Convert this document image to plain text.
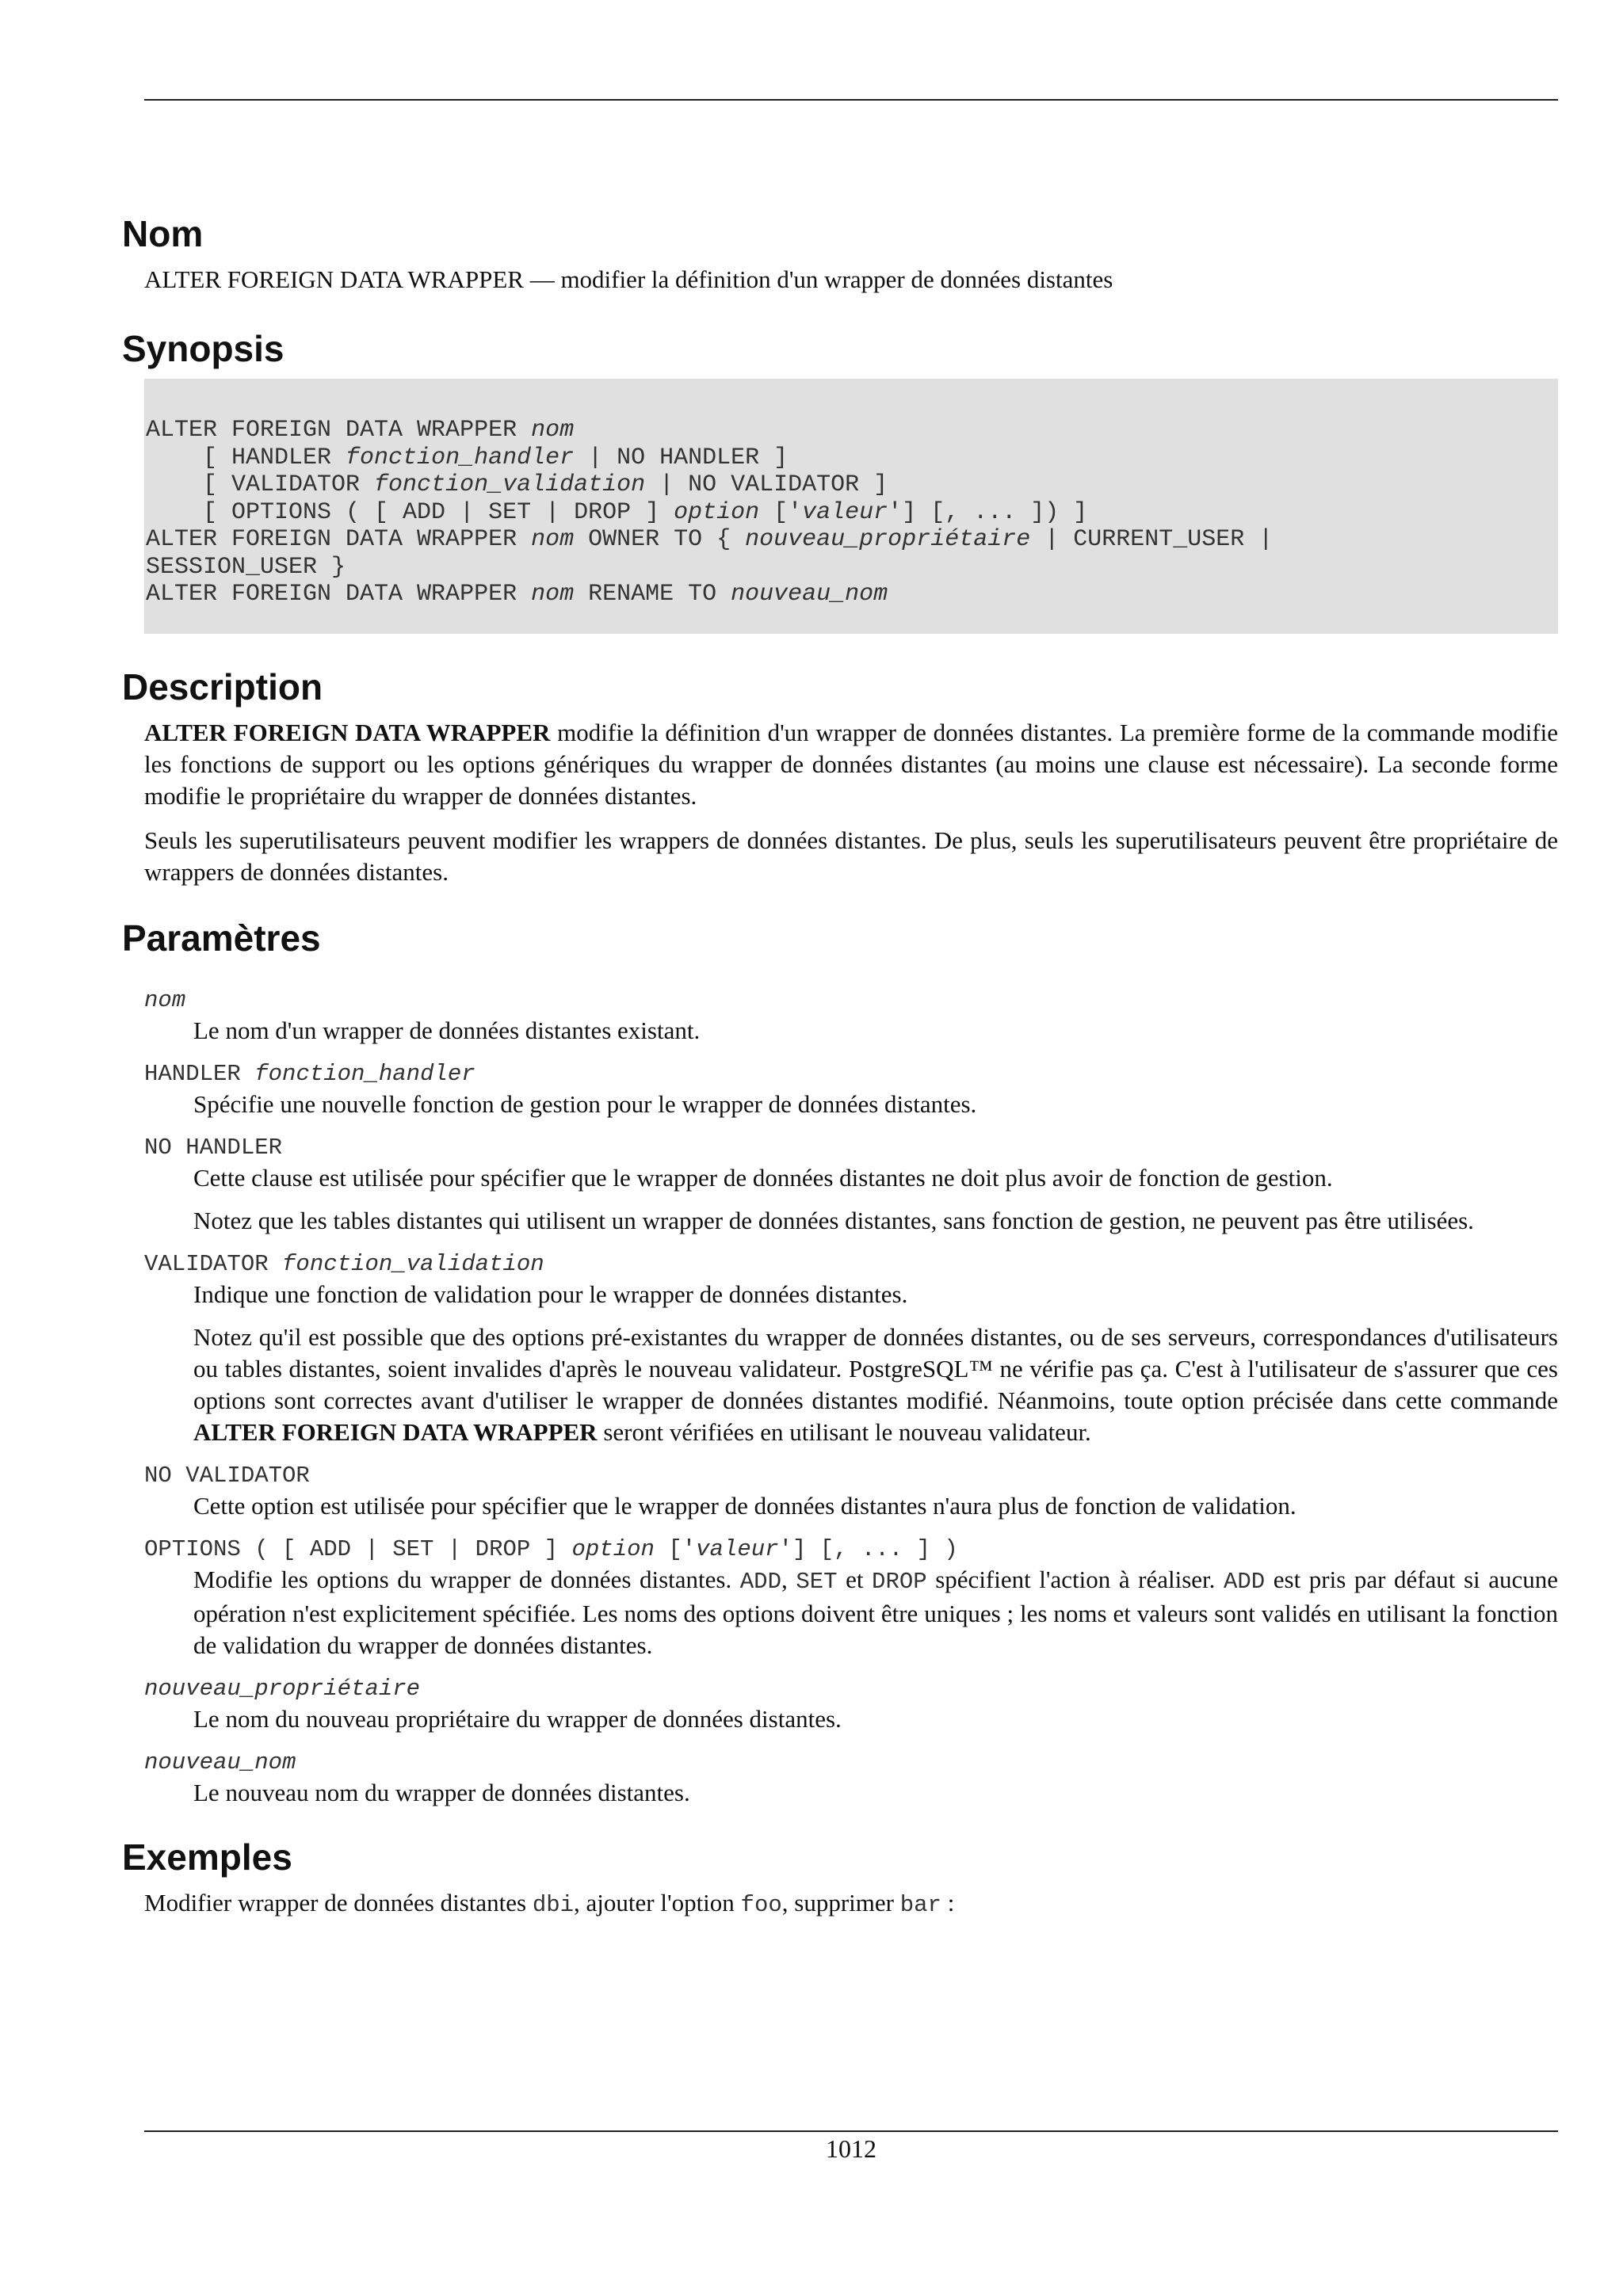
Nom
ALTER FOREIGN DATA WRAPPER — modifier la définition d'un wrapper de données distantes
Synopsis
ALTER FOREIGN DATA WRAPPER nom
[ HANDLER fonction_handler | NO HANDLER ]
[ VALIDATOR fonction_validation | NO VALIDATOR ]
[ OPTIONS ( [ ADD | SET | DROP ] option ['valeur'] [, ... ]) ]
ALTER FOREIGN DATA WRAPPER nom OWNER TO { nouveau_propriétaire | CURRENT_USER |
SESSION_USER }
ALTER FOREIGN DATA WRAPPER nom RENAME TO nouveau_nom
Description
ALTER FOREIGN DATA WRAPPER modifie la définition d'un wrapper de données distantes. La première forme de la commande modifie les fonctions de support ou les options génériques du wrapper de données distantes (au moins une clause est nécessaire). La seconde forme modifie le propriétaire du wrapper de données distantes.
Seuls les superutilisateurs peuvent modifier les wrappers de données distantes. De plus, seuls les superutilisateurs peuvent être propriétaire de wrappers de données distantes.
Paramètres
nom
Le nom d'un wrapper de données distantes existant.
HANDLER fonction_handler
Spécifie une nouvelle fonction de gestion pour le wrapper de données distantes.
NO HANDLER
Cette clause est utilisée pour spécifier que le wrapper de données distantes ne doit plus avoir de fonction de gestion.
Notez que les tables distantes qui utilisent un wrapper de données distantes, sans fonction de gestion, ne peuvent pas être utilisées.
VALIDATOR fonction_validation
Indique une fonction de validation pour le wrapper de données distantes.
Notez qu'il est possible que des options pré-existantes du wrapper de données distantes, ou de ses serveurs, correspondances d'utilisateurs ou tables distantes, soient invalides d'après le nouveau validateur. PostgreSQL™ ne vérifie pas ça. C'est à l'utilisateur de s'assurer que ces options sont correctes avant d'utiliser le wrapper de données distantes modifié. Néanmoins, toute option précisée dans cette commande ALTER FOREIGN DATA WRAPPER seront vérifiées en utilisant le nouveau validateur.
NO VALIDATOR
Cette option est utilisée pour spécifier que le wrapper de données distantes n'aura plus de fonction de validation.
OPTIONS ( [ ADD | SET | DROP ] option ['valeur'] [, ... ] )
Modifie les options du wrapper de données distantes. ADD, SET et DROP spécifient l'action à réaliser. ADD est pris par défaut si aucune opération n'est explicitement spécifiée. Les noms des options doivent être uniques ; les noms et valeurs sont validés en utilisant la fonction de validation du wrapper de données distantes.
nouveau_propriétaire
Le nom du nouveau propriétaire du wrapper de données distantes.
nouveau_nom
Le nouveau nom du wrapper de données distantes.
Exemples
Modifier wrapper de données distantes dbi, ajouter l'option foo, supprimer bar :
1012
